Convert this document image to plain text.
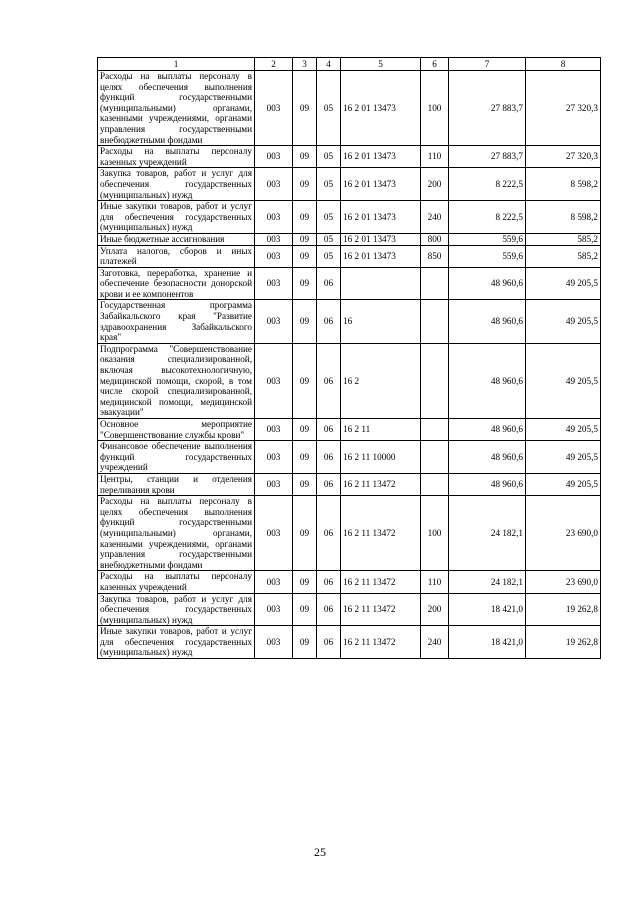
1	2	3	4	5	6	7	8
Расходы на выплаты персоналу в целях обеспечения выполнения функций государственными (муниципальными) органами, казенными учреждениями, органами управления государственными внебюджетными фондами	003	09	05	16 2 01 13473	100	27 883,7	27 320,3
Расходы на выплаты персоналу казенных учреждений	003	09	05	16 2 01 13473	110	27 883,7	27 320,3
Закупка товаров, работ и услуг для обеспечения государственных (муниципальных) нужд	003	09	05	16 2 01 13473	200	8 222,5	8 598,2
Иные закупки товаров, работ и услуг для обеспечения государственных (муниципальных) нужд	003	09	05	16 2 01 13473	240	8 222,5	8 598,2
Иные бюджетные ассигнования	003	09	05	16 2 01 13473	800	559,6	585,2
Уплата налогов, сборов и иных платежей	003	09	05	16 2 01 13473	850	559,6	585,2
Заготовка, переработка, хранение и обеспечение безопасности донорской крови и ее компонентов	003	09	06			48 960,6	49 205,5
Государственная программа Забайкальского края "Развитие здравоохранения Забайкальского края"	003	09	06	16		48 960,6	49 205,5
Подпрограмма "Совершенствование оказания специализированной, включая высокотехнологичную, медицинской помощи, скорой, в том числе скорой специализированной, медицинской помощи, медицинской эвакуации"	003	09	06	16 2		48 960,6	49 205,5
Основное мероприятие "Совершенствование службы крови"	003	09	06	16 2 11		48 960,6	49 205,5
Финансовое обеспечение выполнения функций государственных учреждений	003	09	06	16 2 11 10000		48 960,6	49 205,5
Центры, станции и отделения переливания крови	003	09	06	16 2 11 13472		48 960,6	49 205,5
Расходы на выплаты персоналу в целях обеспечения выполнения функций государственными (муниципальными) органами, казенными учреждениями, органами управления государственными внебюджетными фондами	003	09	06	16 2 11 13472	100	24 182,1	23 690,0
Расходы на выплаты персоналу казенных учреждений	003	09	06	16 2 11 13472	110	24 182,1	23 690,0
Закупка товаров, работ и услуг для обеспечения государственных (муниципальных) нужд	003	09	06	16 2 11 13472	200	18 421,0	19 262,8
Иные закупки товаров, работ и услуг для обеспечения государственных (муниципальных) нужд	003	09	06	16 2 11 13472	240	18 421,0	19 262,8
25
